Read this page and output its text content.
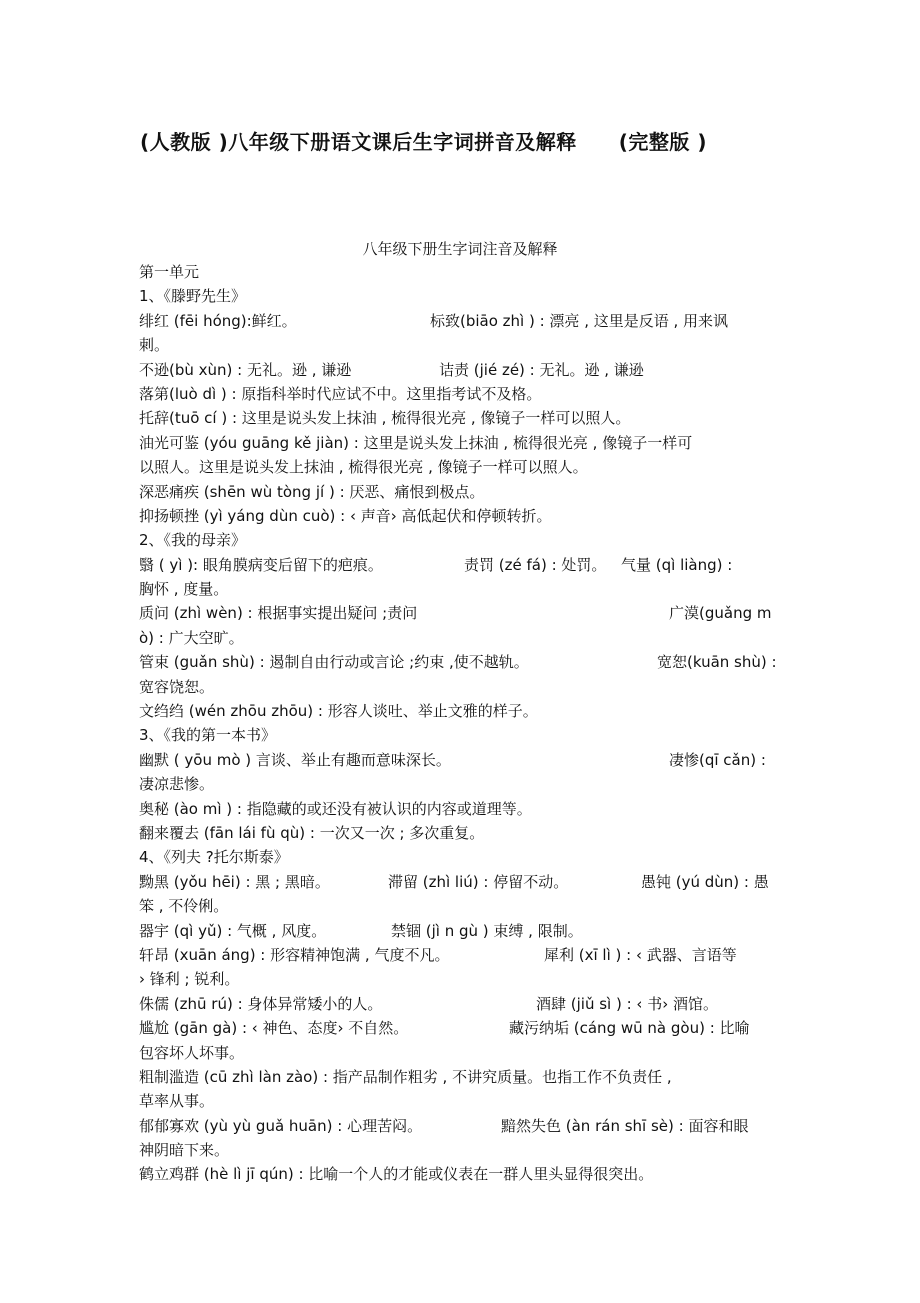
(人教版 )八年级下册语文课后生字词拼音及解释 (完整版 )
八年级下册生字词注音及解释
第一单元
1、《滕野先生》
绯红 (fēi hóng):鲜红。	标致(biāo zhì ) : 漂亮 , 这里是反语 , 用来讽
刺。
不逊(bù xùn) : 无礼。逊 , 谦逊	诘责 (jié zé) : 无礼。逊 , 谦逊
落第(luò dì ) : 原指科举时代应试不中。这里指考试不及格。
托辞(tuō cí ) : 这里是说头发上抹油 , 梳得很光亮 , 像镜子一样可以照人。
油光可鉴 (yóu guāng kě jiàn) : 这里是说头发上抹油 , 梳得很光亮 , 像镜子一样可
以照人。这里是说头发上抹油 , 梳得很光亮 , 像镜子一样可以照人。
深恶痛疾 (shēn wù tòng jí ) : 厌恶、痛恨到极点。
抑扬顿挫 (yì yáng dùn cuò) : ‹ 声音› 高低起伏和停顿转折。
2、《我的母亲》
翳 ( yì ): 眼角膜病变后留下的疤痕。	责罚 (zé fá) : 处罚。 气量 (qì liàng) :
胸怀 , 度量。
质问 (zhì wèn) : 根据事实提出疑问 ;责问	广漠(guǎng m
ò) : 广大空旷。
管束 (guǎn shù) : 遏制自由行动或言论 ;约束 ,使不越轨。	宽恕(kuān shù) :
宽容饶恕。
文绉绉 (wén zhōu zhōu) : 形容人谈吐、举止文雅的样子。
3、《我的第一本书》
幽默 ( yōu mò ) 言谈、举止有趣而意味深长。	凄惨(qī cǎn) :
凄凉悲惨。
奥秘 (ào mì ) : 指隐藏的或还没有被认识的内容或道理等。
翻来覆去 (fān lái fù qù) : 一次又一次 ; 多次重复。
4、《列夫 ?托尔斯泰》
黝黑 (yǒu hēi) : 黑 ; 黑暗。	滞留 (zhì liú) : 停留不动。	愚钝 (yú dùn) : 愚
笨 , 不伶俐。
器宇 (qì yǔ) : 气概 , 风度。	禁锢 (jì n gù ) 束缚 , 限制。
轩昂 (xuān áng) : 形容精神饱满 , 气度不凡。	犀利 (xī lì ) : ‹ 武器、言语等
› 锋利 ; 锐利。
侏儒 (zhū rú) : 身体异常矮小的人。	酒肆 (jiǔ sì ) : ‹ 书› 酒馆。
尴尬 (gān gà) : ‹ 神色、态度› 不自然。	藏污纳垢 (cáng wū nà gòu) : 比喻
包容坏人坏事。
粗制滥造 (cū zhì làn zào) : 指产品制作粗劣 , 不讲究质量。也指工作不负责任 ,
草率从事。
郁郁寡欢 (yù yù guǎ huān) : 心理苦闷。	黯然失色 (àn rán shī sè) : 面容和眼
神阴暗下来。
鹤立鸡群 (hè lì jī qún) : 比喻一个人的才能或仪表在一群人里头显得很突出。
